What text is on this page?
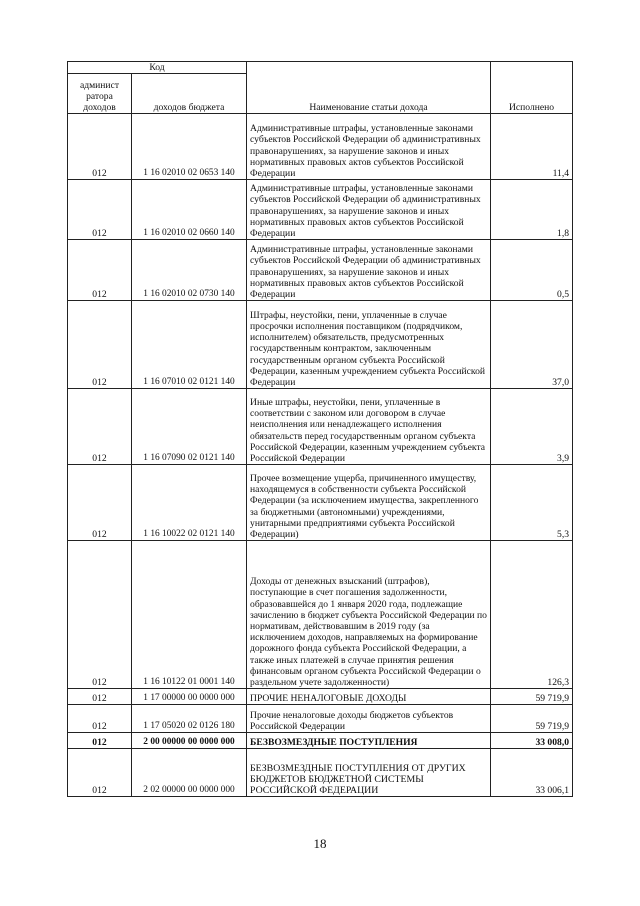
Код		Наименование статьи дохода	Исполнено
админист ратора доходов	доходов бюджета		
012	1 16 02010 02 0653 140	Административные штрафы, установленные законами субъектов Российской Федерации об административных правонарушениях, за нарушение законов и иных нормативных правовых актов субъектов Российской Федерации	11,4
012	1 16 02010 02 0660 140	Административные штрафы, установленные законами субъектов Российской Федерации об административных правонарушениях, за нарушение законов и иных нормативных правовых актов субъектов Российской Федерации	1,8
012	1 16 02010 02 0730 140	Административные штрафы, установленные законами субъектов Российской Федерации об административных правонарушениях, за нарушение законов и иных нормативных правовых актов субъектов Российской Федерации	0,5
012	1 16 07010 02 0121 140	Штрафы, неустойки, пени, уплаченные в случае просрочки исполнения поставщиком (подрядчиком, исполнителем) обязательств, предусмотренных государственным контрактом, заключенным государственным органом субъекта Российской Федерации, казенным учреждением субъекта Российской Федерации	37,0
012	1 16 07090 02 0121 140	Иные штрафы, неустойки, пени, уплаченные в соответствии с законом или договором в случае неисполнения или ненадлежащего исполнения обязательств перед государственным органом субъекта Российской Федерации, казенным учреждением субъекта Российской Федерации	3,9
012	1 16 10022 02 0121 140	Прочее возмещение ущерба, причиненного имуществу, находящемуся в собственности субъекта Российской Федерации (за исключением имущества, закрепленного за бюджетными (автономными) учреждениями, унитарными предприятиями субъекта Российской Федерации)	5,3
012	1 16 10122 01 0001 140	Доходы от денежных взысканий (штрафов), поступающие в счет погашения задолженности, образовавшейся до 1 января 2020 года, подлежащие зачислению в бюджет субъекта Российской Федерации по нормативам, действовавшим в 2019 году (за исключением доходов, направляемых на формирование дорожного фонда субъекта Российской Федерации, а также иных платежей в случае принятия решения финансовым органом субъекта Российской Федерации о раздельном учете задолженности)	126,3
012	1 17 00000 00 0000 000	ПРОЧИЕ НЕНАЛОГОВЫЕ ДОХОДЫ	59 719,9
012	1 17 05020 02 0126 180	Прочие неналоговые доходы бюджетов субъектов Российской Федерации	59 719,9
012	2 00 00000 00 0000 000	БЕЗВОЗМЕЗДНЫЕ ПОСТУПЛЕНИЯ	33 008,0
012	2 02 00000 00 0000 000	БЕЗВОЗМЕЗДНЫЕ ПОСТУПЛЕНИЯ ОТ ДРУГИХ БЮДЖЕТОВ БЮДЖЕТНОЙ СИСТЕМЫ РОССИЙСКОЙ ФЕДЕРАЦИИ	33 006,1
18
